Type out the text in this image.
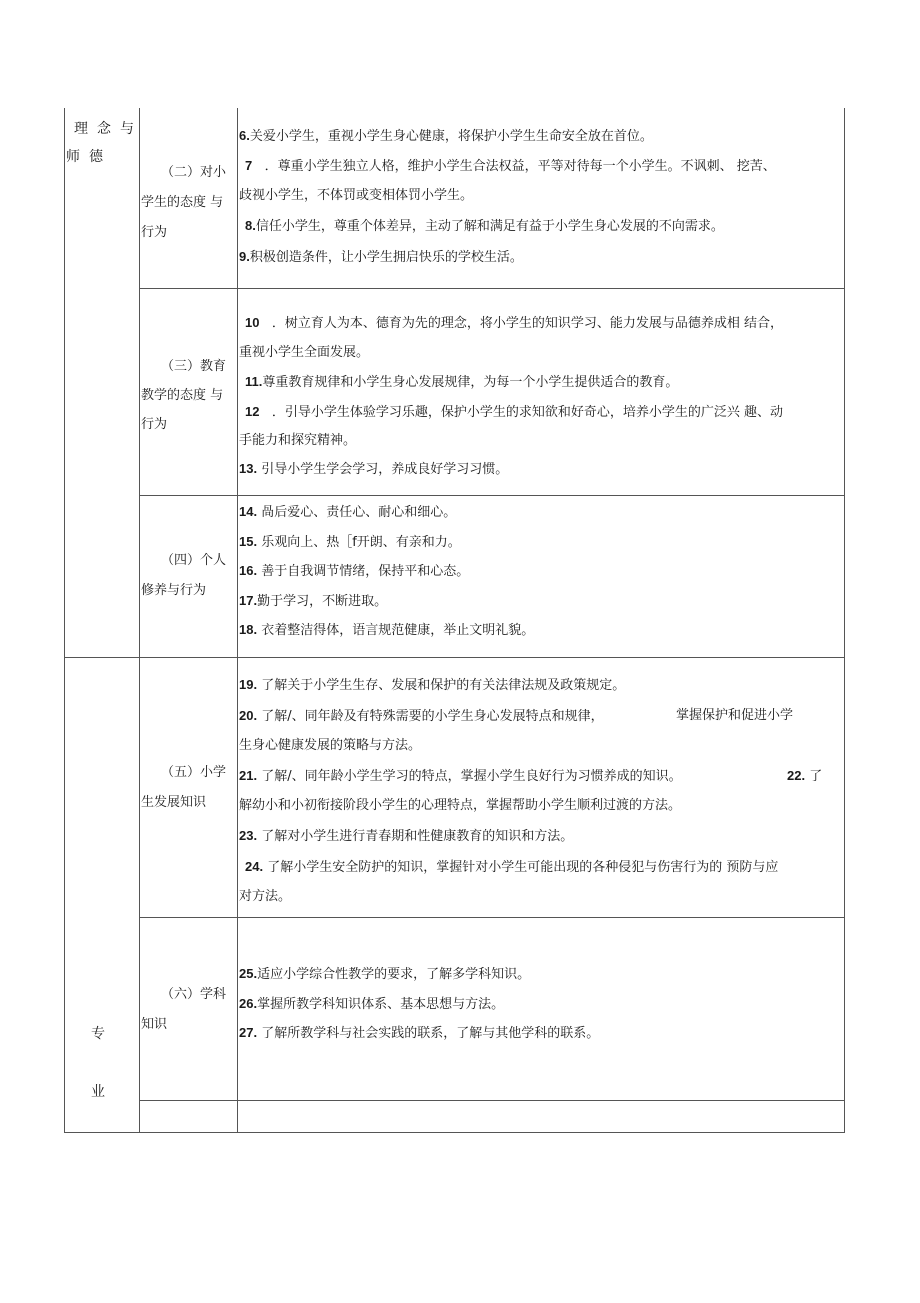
理念与
师德
专
业
（二）对小
学生的态度 与
行为
（三）教育
教学的态度 与
行为
（四）个人
修养与行为
（五）小学
生发展知识
（六）学科
知识
6.关爱小学生，重视小学生身心健康，将保护小学生生命安全放在首位。
7 ．尊重小学生独立人格，维护小学生合法权益，平等对待每一个小学生。不讽刺、 挖苦、
歧视小学生，不体罚或变相体罚小学生。
8.信任小学生，尊重个体差异，主动了解和满足有益于小学生身心发展的不向需求。
9.积极创造条件，让小学生拥启快乐的学校生活。
10 ．树立育人为本、德育为先的理念，将小学生的知识学习、能力发展与品德养成相 结合，
重视小学生全面发展。
11.尊重教育规律和小学生身心发展规律，为每一个小学生提供适合的教育。
12 ．引导小学生体验学习乐趣，保护小学生的求知欲和好奇心，培养小学生的广泛兴 趣、动
手能力和探究精神。
13. 引导小学生学会学习，养成良好学习习惯。
14. 咼后爱心、责任心、耐心和细心。
15. 乐观向上、热［f开朗、有亲和力。
16. 善于自我调节情绪，保持平和心态。
17.勤于学习，不断进取。
18. 衣着整洁得体，语言规范健康，举止文明礼貌。
19. 了解关于小学生生存、发展和保护的有关法律法规及政策规定。
20. 了解/、同年龄及有特殊需要的小学生身心发展特点和规律，	掌握保护和促进小学
生身心健康发展的策略与方法。
21. 了解/、同年龄小学生学习的特点，掌握小学生良好行为习惯养成的知识。	22. 了
解幼小和小初衔接阶段小学生的心理特点，掌握帮助小学生顺利过渡的方法。
23. 了解对小学生进行青春期和性健康教育的知识和方法。
24. 了解小学生安全防护的知识，掌握针对小学生可能出现的各种侵犯与伤害行为的 预防与应
对方法。
25.适应小学综合性教学的要求，了解多学科知识。
26.掌握所教学科知识体系、基本思想与方法。
27. 了解所教学科与社会实践的联系，了解与其他学科的联系。
